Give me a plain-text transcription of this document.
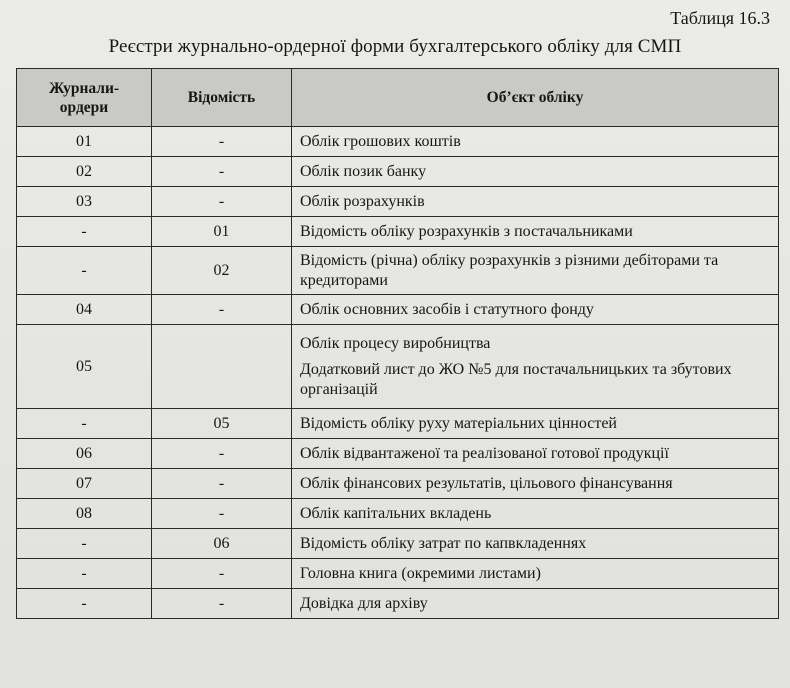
Таблиця 16.3
Реєстри журнально-ордерної форми бухгалтерського обліку для СМП
Журнали-
ордери	Відомість	Об’єкт обліку
01	-	Облік грошових коштів
02	-	Облік позик банку
03	-	Облік розрахунків
-	01	Відомість обліку розрахунків з постачальниками
-	02	Відомість (річна) обліку розрахунків з різними дебіторами та кредиторами
04	-	Облік основних засобів і статутного фонду
05		Облік процесу виробництва
Додатковий лист до ЖО №5 для постачальницьких та збутових організацій

-	05	Відомість обліку руху матеріальних цінностей
06	-	Облік відвантаженої та реалізованої готової продукції
07	-	Облік фінансових результатів, цільового фінансування
08	-	Облік капітальних вкладень
-	06	Відомість обліку затрат по капвкладеннях
-	-	Головна книга (окремими листами)
-	-	Довідка для архіву
